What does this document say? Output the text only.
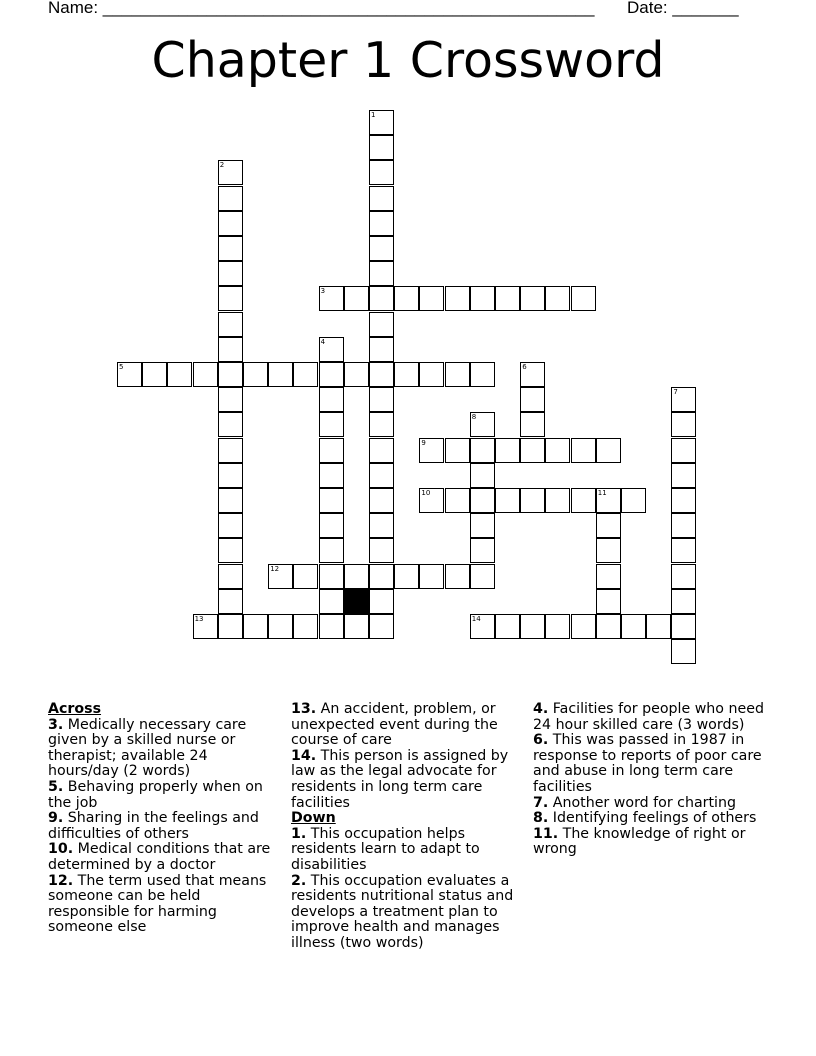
Name: ____________________________________________________ Date: _______
Chapter 1 Crossword
1
2
3
4
5	6
7
8
9
10	11
12
13	14
Across
3. Medically necessary care given by a skilled nurse or therapist; available 24 hours/day (2 words)
5. Behaving properly when on the job
9. Sharing in the feelings and difficulties of others
10. Medical conditions that are determined by a doctor
12. The term used that means someone can be held responsible for harming someone else
13. An accident, problem, or unexpected event during the course of care
14. This person is assigned by law as the legal advocate for residents in long term care facilities
Down
1. This occupation helps residents learn to adapt to disabilities
2. This occupation evaluates a residents nutritional status and develops a treatment plan to improve health and manages illness (two words)
4. Facilities for people who need 24 hour skilled care (3 words)
6. This was passed in 1987 in response to reports of poor care and abuse in long term care facilities
7. Another word for charting
8. Identifying feelings of others
11. The knowledge of right or wrong
